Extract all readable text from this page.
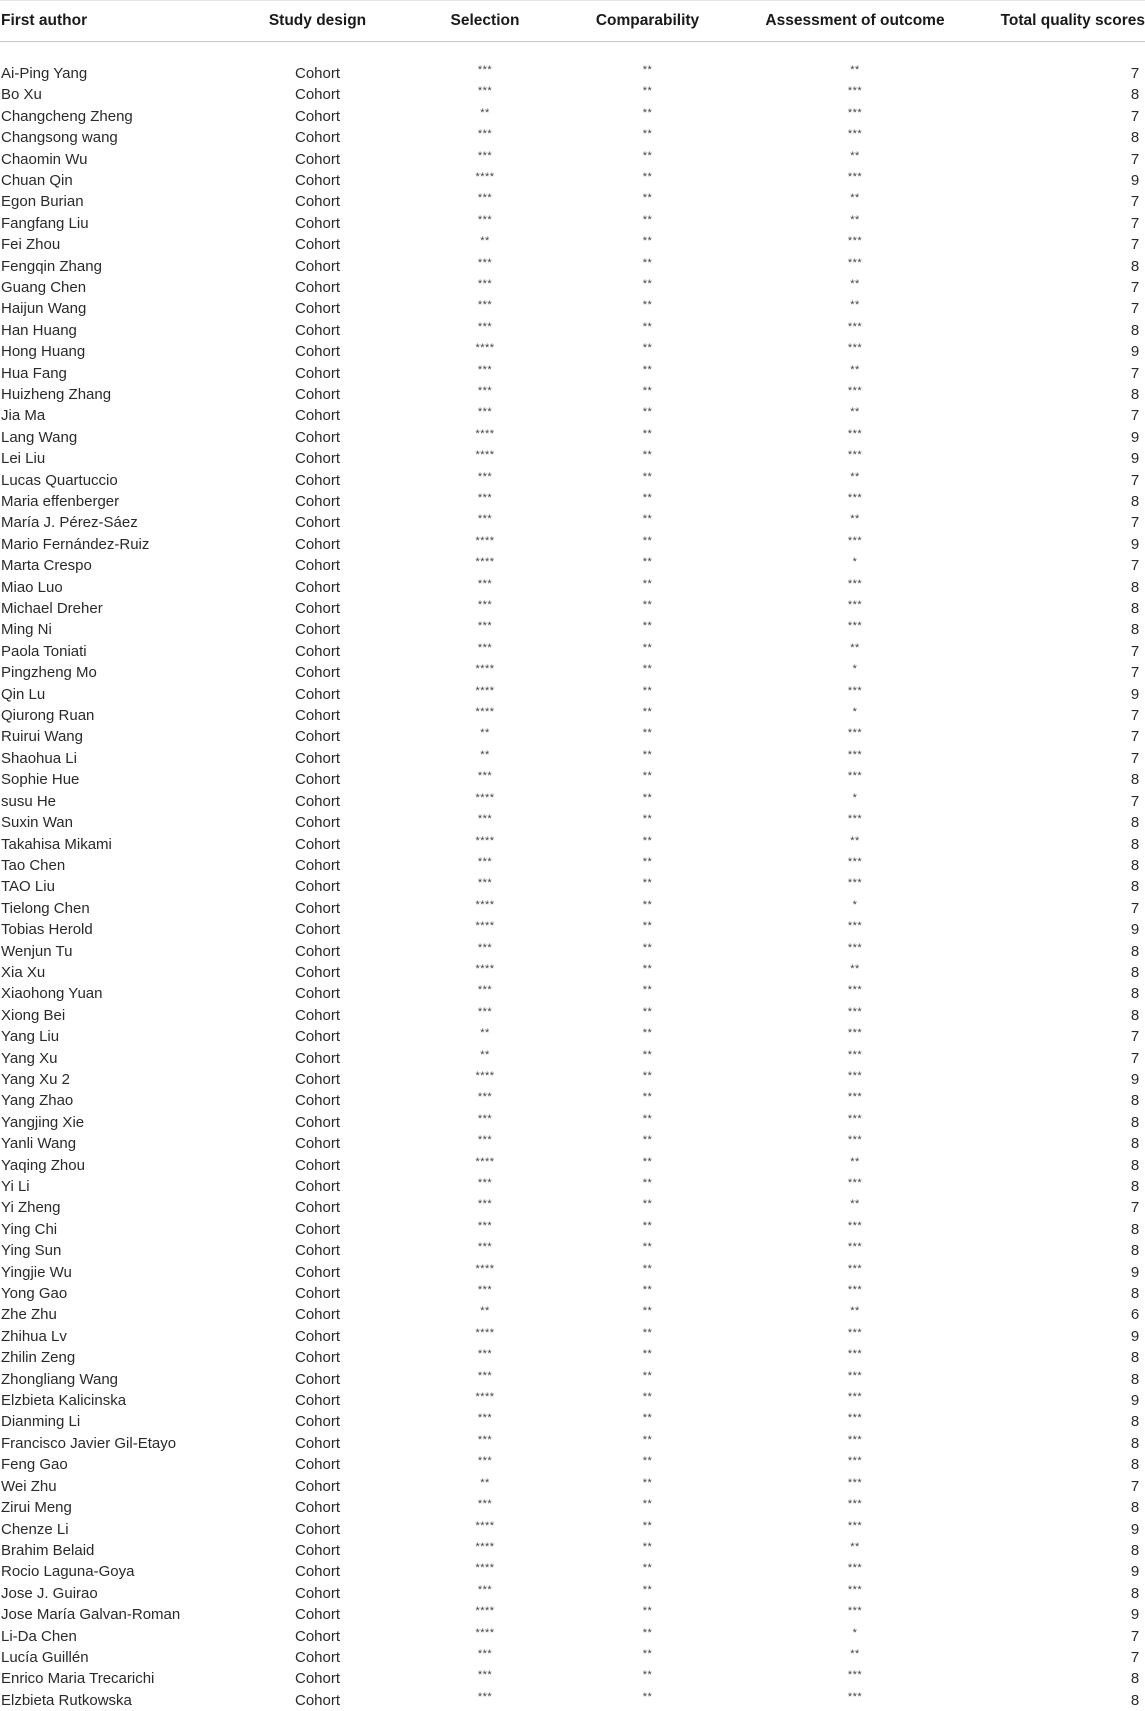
First author	Study design	Selection	Comparability	Assessment of outcome	Total quality scores

Ai-Ping Yang	Cohort	***	**	**	7
Bo Xu	Cohort	***	**	***	8
Changcheng Zheng	Cohort	**	**	***	7
Changsong wang	Cohort	***	**	***	8
Chaomin Wu	Cohort	***	**	**	7
Chuan Qin	Cohort	****	**	***	9
Egon Burian	Cohort	***	**	**	7
Fangfang Liu	Cohort	***	**	**	7
Fei Zhou	Cohort	**	**	***	7
Fengqin Zhang	Cohort	***	**	***	8
Guang Chen	Cohort	***	**	**	7
Haijun Wang	Cohort	***	**	**	7
Han Huang	Cohort	***	**	***	8
Hong Huang	Cohort	****	**	***	9
Hua Fang	Cohort	***	**	**	7
Huizheng Zhang	Cohort	***	**	***	8
Jia Ma	Cohort	***	**	**	7
Lang Wang	Cohort	****	**	***	9
Lei Liu	Cohort	****	**	***	9
Lucas Quartuccio	Cohort	***	**	**	7
Maria effenberger	Cohort	***	**	***	8
María J. Pérez-Sáez	Cohort	***	**	**	7
Mario Fernández-Ruiz	Cohort	****	**	***	9
Marta Crespo	Cohort	****	**	*	7
Miao Luo	Cohort	***	**	***	8
Michael Dreher	Cohort	***	**	***	8
Ming Ni	Cohort	***	**	***	8
Paola Toniati	Cohort	***	**	**	7
Pingzheng Mo	Cohort	****	**	*	7
Qin Lu	Cohort	****	**	***	9
Qiurong Ruan	Cohort	****	**	*	7
Ruirui Wang	Cohort	**	**	***	7
Shaohua Li	Cohort	**	**	***	7
Sophie Hue	Cohort	***	**	***	8
susu He	Cohort	****	**	*	7
Suxin Wan	Cohort	***	**	***	8
Takahisa Mikami	Cohort	****	**	**	8
Tao Chen	Cohort	***	**	***	8
TAO Liu	Cohort	***	**	***	8
Tielong Chen	Cohort	****	**	*	7
Tobias Herold	Cohort	****	**	***	9
Wenjun Tu	Cohort	***	**	***	8
Xia Xu	Cohort	****	**	**	8
Xiaohong Yuan	Cohort	***	**	***	8
Xiong Bei	Cohort	***	**	***	8
Yang Liu	Cohort	**	**	***	7
Yang Xu	Cohort	**	**	***	7
Yang Xu 2	Cohort	****	**	***	9
Yang Zhao	Cohort	***	**	***	8
Yangjing Xie	Cohort	***	**	***	8
Yanli Wang	Cohort	***	**	***	8
Yaqing Zhou	Cohort	****	**	**	8
Yi Li	Cohort	***	**	***	8
Yi Zheng	Cohort	***	**	**	7
Ying Chi	Cohort	***	**	***	8
Ying Sun	Cohort	***	**	***	8
Yingjie Wu	Cohort	****	**	***	9
Yong Gao	Cohort	***	**	***	8
Zhe Zhu	Cohort	**	**	**	6
Zhihua Lv	Cohort	****	**	***	9
Zhilin Zeng	Cohort	***	**	***	8
Zhongliang Wang	Cohort	***	**	***	8
Elzbieta Kalicinska	Cohort	****	**	***	9
Dianming Li	Cohort	***	**	***	8
Francisco Javier Gil-Etayo	Cohort	***	**	***	8
Feng Gao	Cohort	***	**	***	8
Wei Zhu	Cohort	**	**	***	7
Zirui Meng	Cohort	***	**	***	8
Chenze Li	Cohort	****	**	***	9
Brahim Belaid	Cohort	****	**	**	8
Rocio Laguna-Goya	Cohort	****	**	***	9
Jose J. Guirao	Cohort	***	**	***	8
Jose María Galvan-Roman	Cohort	****	**	***	9
Li-Da Chen	Cohort	****	**	*	7
Lucía Guillén	Cohort	***	**	**	7
Enrico Maria Trecarichi	Cohort	***	**	***	8
Elzbieta Rutkowska	Cohort	***	**	***	8
